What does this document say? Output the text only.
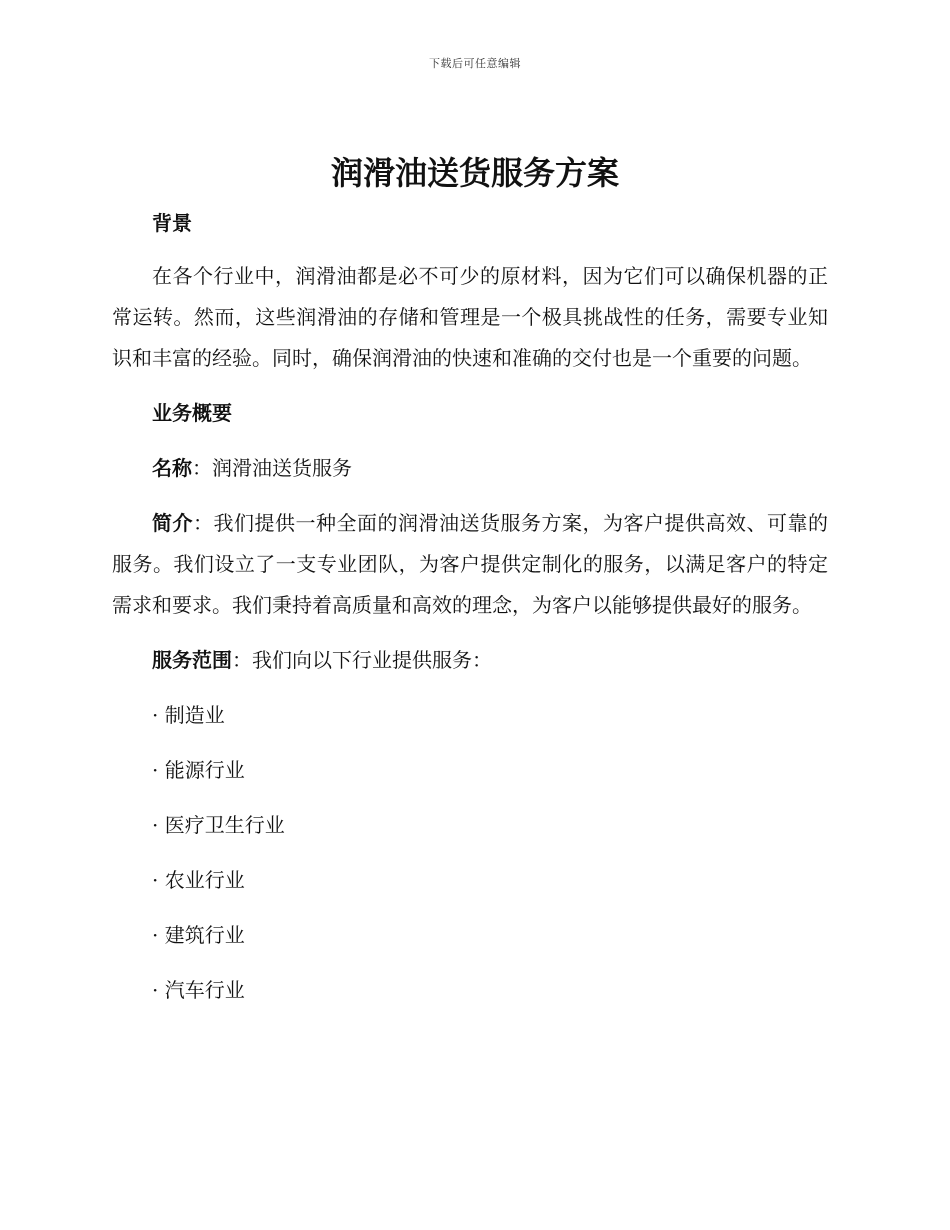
下载后可任意编辑
润滑油送货服务方案

背景

在各个行业中，润滑油都是必不可少的原材料，因为它们可以确保机器的正常运转。然而，这些润滑油的存储和管理是一个极具挑战性的任务，需要专业知识和丰富的经验。同时，确保润滑油的快速和准确的交付也是一个重要的问题。

业务概要

名称：润滑油送货服务

简介：我们提供一种全面的润滑油送货服务方案，为客户提供高效、可靠的服务。我们设立了一支专业团队，为客户提供定制化的服务，以满足客户的特定需求和要求。我们秉持着高质量和高效的理念，为客户以能够提供最好的服务。

服务范围：我们向以下行业提供服务：

· 制造业

· 能源行业

· 医疗卫生行业

· 农业行业

· 建筑行业

· 汽车行业
